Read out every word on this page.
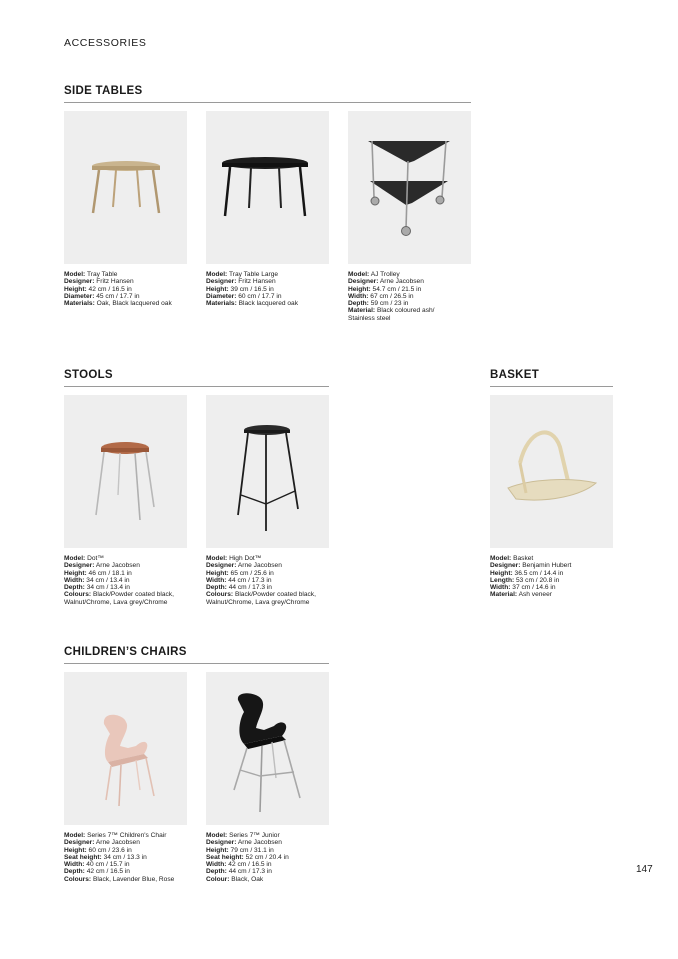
ACCESSORIES
SIDE TABLES
Model: Tray Table
Designer: Fritz Hansen
Height: 42 cm / 16.5 in
Diameter: 45 cm / 17.7 in
Materials: Oak, Black lacquered oak
Model: Tray Table Large
Designer: Fritz Hansen
Height: 39 cm / 16.5 in
Diameter: 60 cm / 17.7 in
Materials: Black lacquered oak
Model: AJ Trolley
Designer: Arne Jacobsen
Height: 54.7 cm / 21.5 in
Width: 67 cm / 26.5 in
Depth: 59 cm / 23 in
Material: Black coloured ash/
Stainless steel
STOOLS
Model: Dot™
Designer: Arne Jacobsen
Height: 46 cm / 18.1 in
Width: 34 cm / 13.4 in
Depth: 34 cm / 13.4 in
Colours: Black/Powder coated black,
Walnut/Chrome, Lava grey/Chrome
Model: High Dot™
Designer: Arne Jacobsen
Height: 65 cm / 25.6 in
Width: 44 cm / 17.3 in
Depth: 44 cm / 17.3 in
Colours: Black/Powder coated black,
Walnut/Chrome, Lava grey/Chrome
BASKET
Model: Basket
Designer: Benjamin Hubert
Height: 36.5 cm / 14.4 in
Length: 53 cm / 20.8 in
Width: 37 cm / 14.6 in
Material: Ash veneer
CHILDREN’S CHAIRS
Model: Series 7™ Children's Chair
Designer: Arne Jacobsen
Height: 60 cm / 23.6 in
Seat height: 34 cm / 13.3 in
Width: 40 cm / 15.7 in
Depth: 42 cm / 16.5 in
Colours: Black, Lavender Blue, Rose
Model: Series 7™ Junior
Designer: Arne Jacobsen
Height: 79 cm / 31.1 in
Seat height: 52 cm / 20.4 in
Width: 42 cm / 16.5 in
Depth: 44 cm / 17.3 in
Colour: Black, Oak
147
